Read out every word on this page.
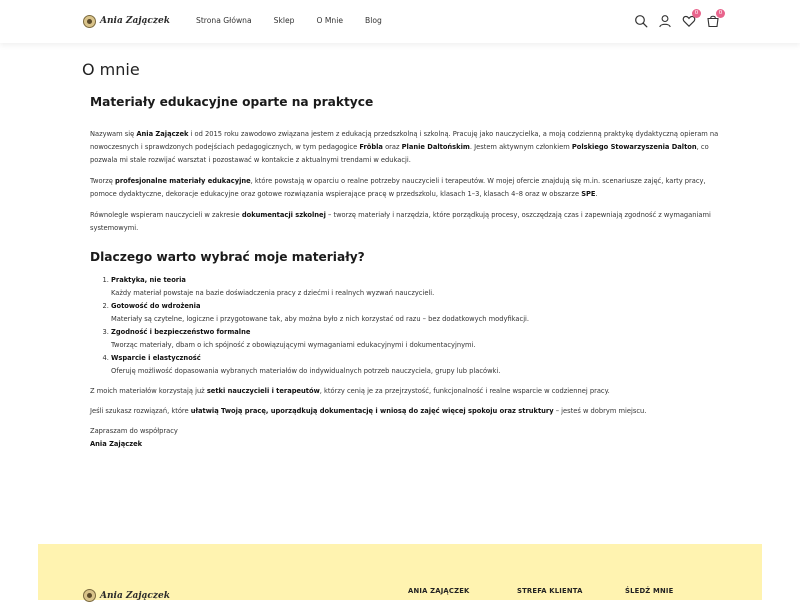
Ania Zajączek	Strona Główna	Sklep	O Mnie	Blog
0	0
O mnie
Materiały edukacyjne oparte na praktyce

Nazywam się Ania Zajączek i od 2015 roku zawodowo związana jestem z edukacją przedszkolną i szkolną. Pracuję jako nauczycielka, a moją codzienną praktykę dydaktyczną opieram na nowoczesnych i sprawdzonych podejściach pedagogicznych, w tym pedagogice Fröbla oraz Planie Daltońskim. Jestem aktywnym członkiem Polskiego Stowarzyszenia Dalton, co pozwala mi stale rozwijać warsztat i pozostawać w kontakcie z aktualnymi trendami w edukacji.

Tworzę profesjonalne materiały edukacyjne, które powstają w oparciu o realne potrzeby nauczycieli i terapeutów. W mojej ofercie znajdują się m.in. scenariusze zajęć, karty pracy, pomoce dydaktyczne, dekoracje edukacyjne oraz gotowe rozwiązania wspierające pracę w przedszkolu, klasach 1–3, klasach 4–8 oraz w obszarze SPE.

Równolegle wspieram nauczycieli w zakresie dokumentacji szkolnej – tworzę materiały i narzędzia, które porządkują procesy, oszczędzają czas i zapewniają zgodność z wymaganiami systemowymi.

Dlaczego warto wybrać moje materiały?
1. Praktyka, nie teoria
Każdy materiał powstaje na bazie doświadczenia pracy z dziećmi i realnych wyzwań nauczycieli.
2. Gotowość do wdrożenia
Materiały są czytelne, logiczne i przygotowane tak, aby można było z nich korzystać od razu – bez dodatkowych modyfikacji.
3. Zgodność i bezpieczeństwo formalne
Tworząc materiały, dbam o ich spójność z obowiązującymi wymaganiami edukacyjnymi i dokumentacyjnymi.
4. Wsparcie i elastyczność
Oferuję możliwość dopasowania wybranych materiałów do indywidualnych potrzeb nauczyciela, grupy lub placówki.

Z moich materiałów korzystają już setki nauczycieli i terapeutów, którzy cenią je za przejrzystość, funkcjonalność i realne wsparcie w codziennej pracy.

Jeśli szukasz rozwiązań, które ułatwią Twoją pracę, uporządkują dokumentację i wniosą do zajęć więcej spokoju oraz struktury – jesteś w dobrym miejscu.

Zapraszam do współpracy

Ania Zajączek

Ania Zajączek	ANIA ZAJĄCZEK	STREFA KLIENTA	ŚLEDŹ MNIE
